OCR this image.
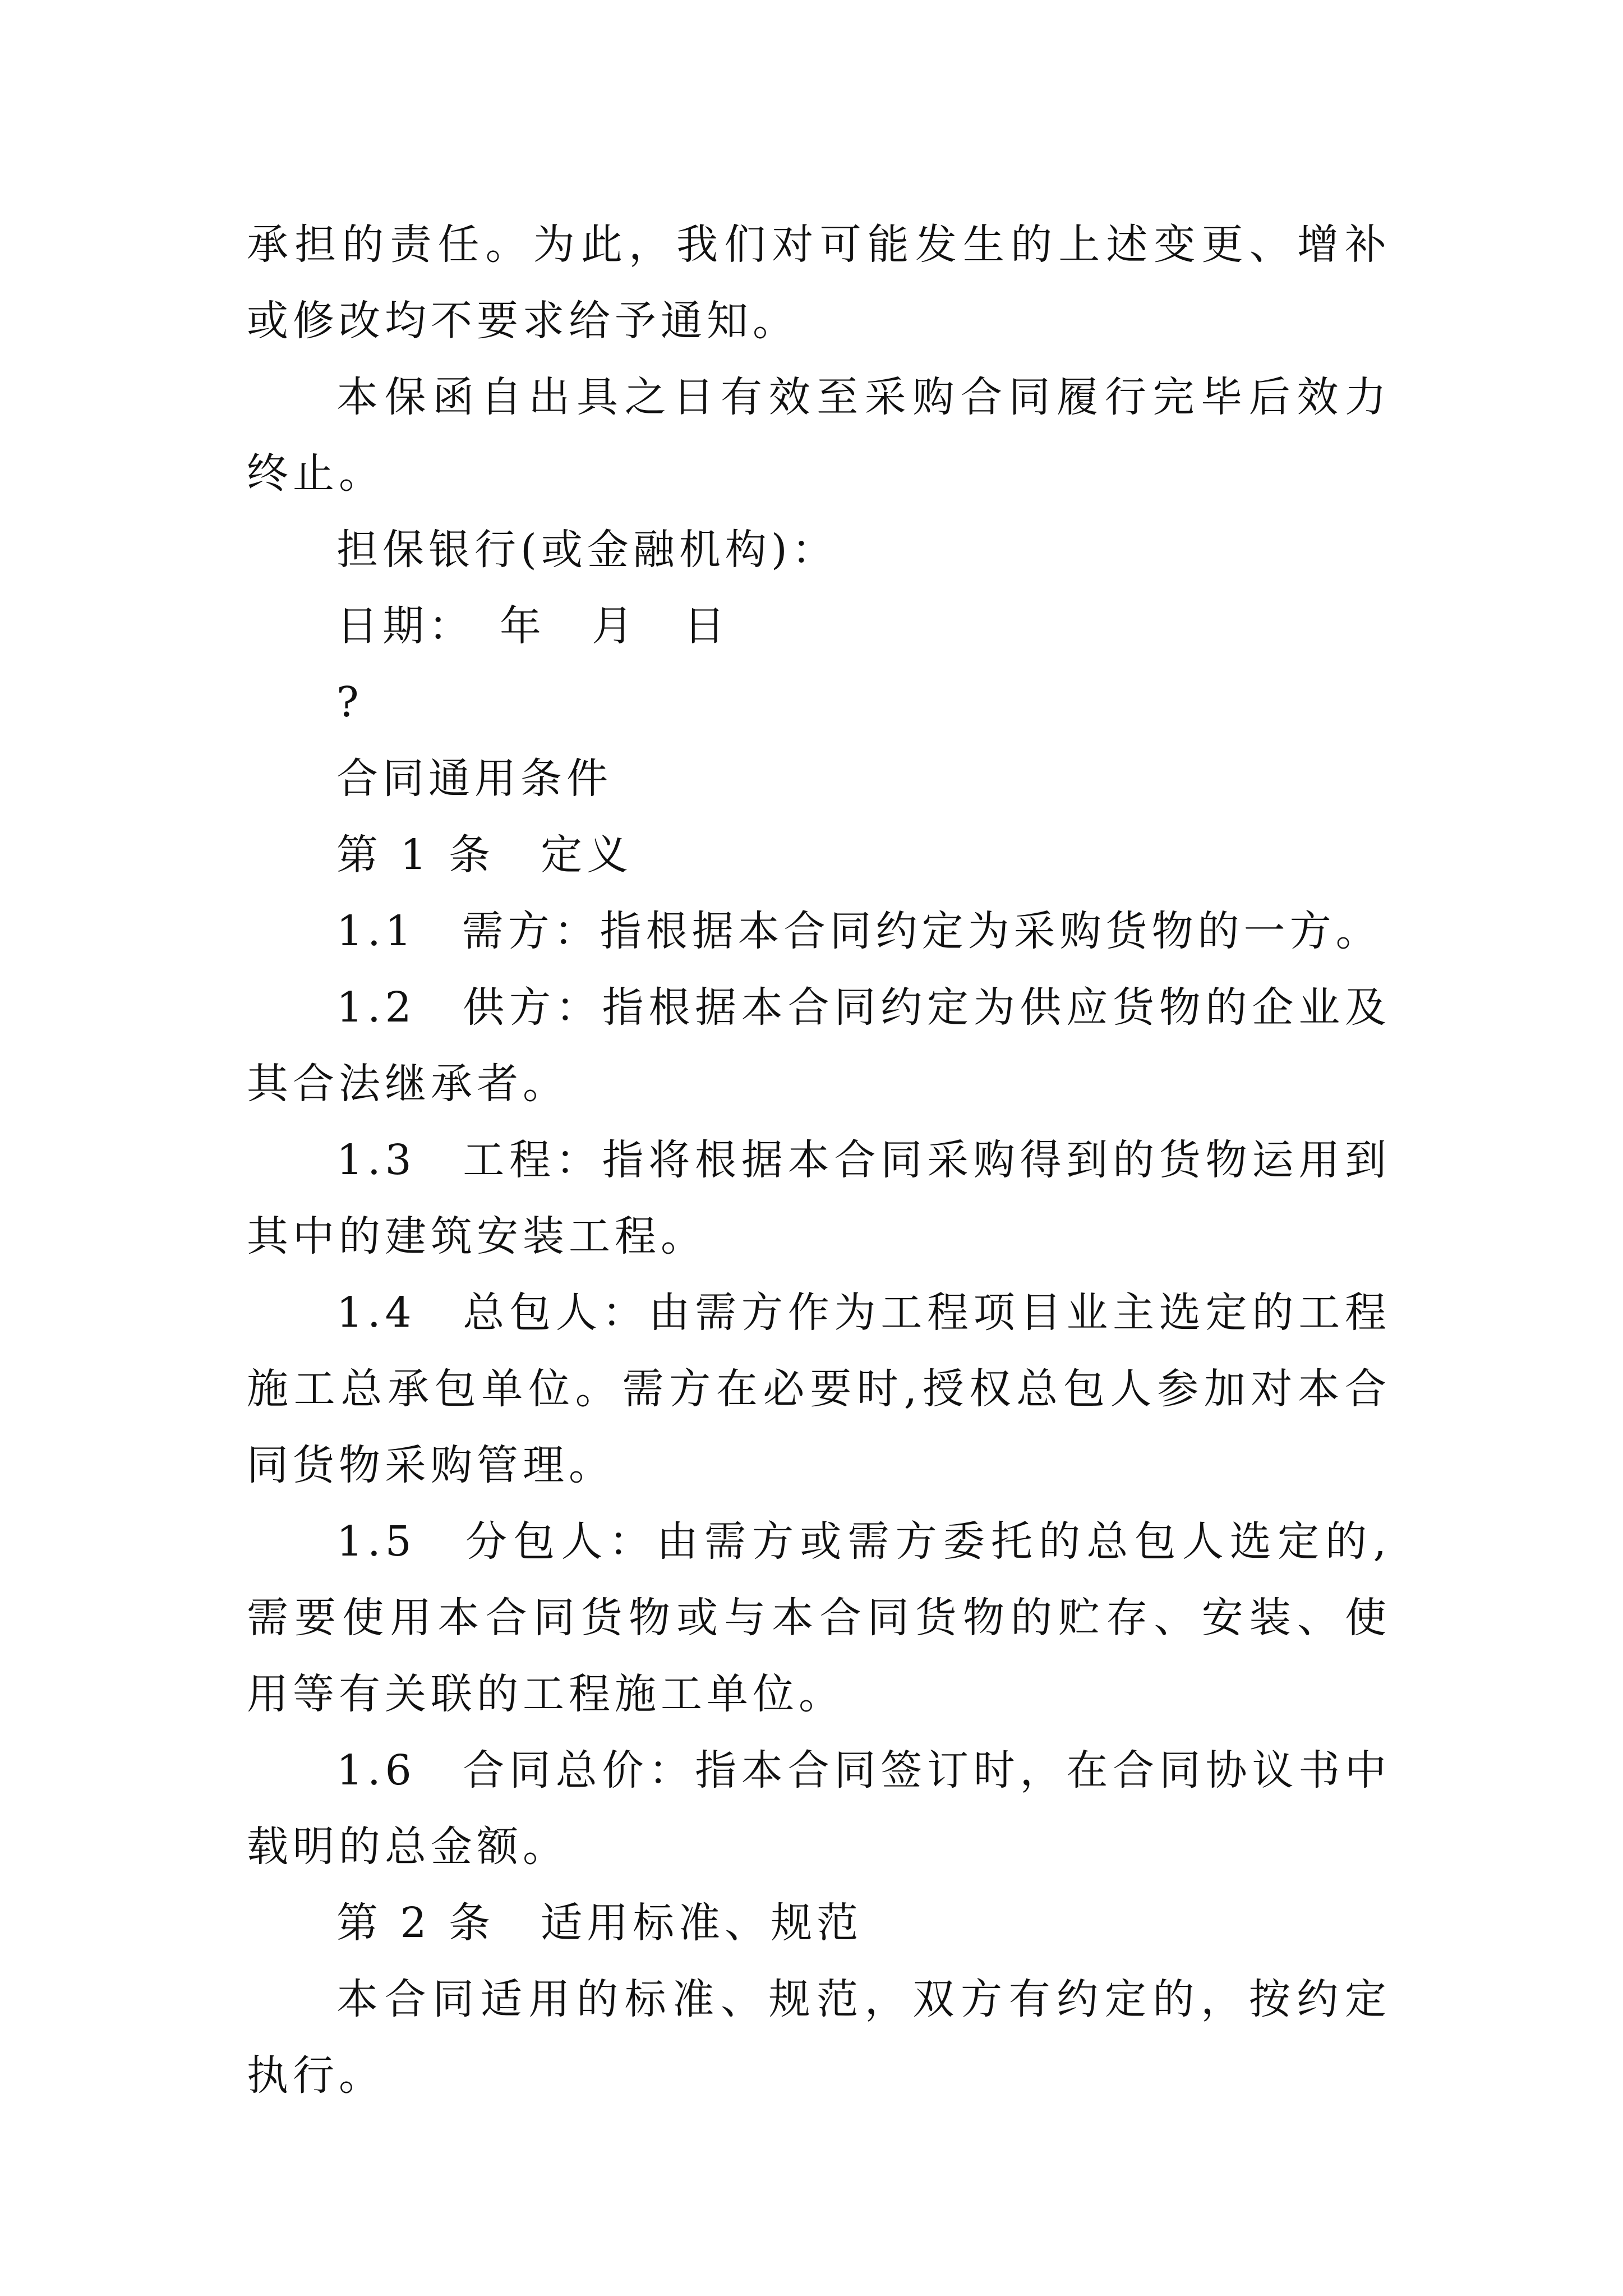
承担的责任。为此，我们对可能发生的上述变更、增补或修改均不要求给予通知。

本保函自出具之日有效至采购合同履行完毕后效力终止。

担保银行(或金融机构)：

日期：　年　月　日

?

合同通用条件

第 1 条　定义

1.1　需方：指根据本合同约定为采购货物的一方。

1.2　供方：指根据本合同约定为供应货物的企业及其合法继承者。

1.3　工程：指将根据本合同采购得到的货物运用到其中的建筑安装工程。

1.4　总包人：由需方作为工程项目业主选定的工程施工总承包单位。需方在必要时,授权总包人参加对本合同货物采购管理。

1.5　分包人：由需方或需方委托的总包人选定的,需要使用本合同货物或与本合同货物的贮存、安装、使用等有关联的工程施工单位。

1.6　合同总价：指本合同签订时，在合同协议书中载明的总金额。

第 2 条　适用标准、规范

本合同适用的标准、规范，双方有约定的，按约定执行。
